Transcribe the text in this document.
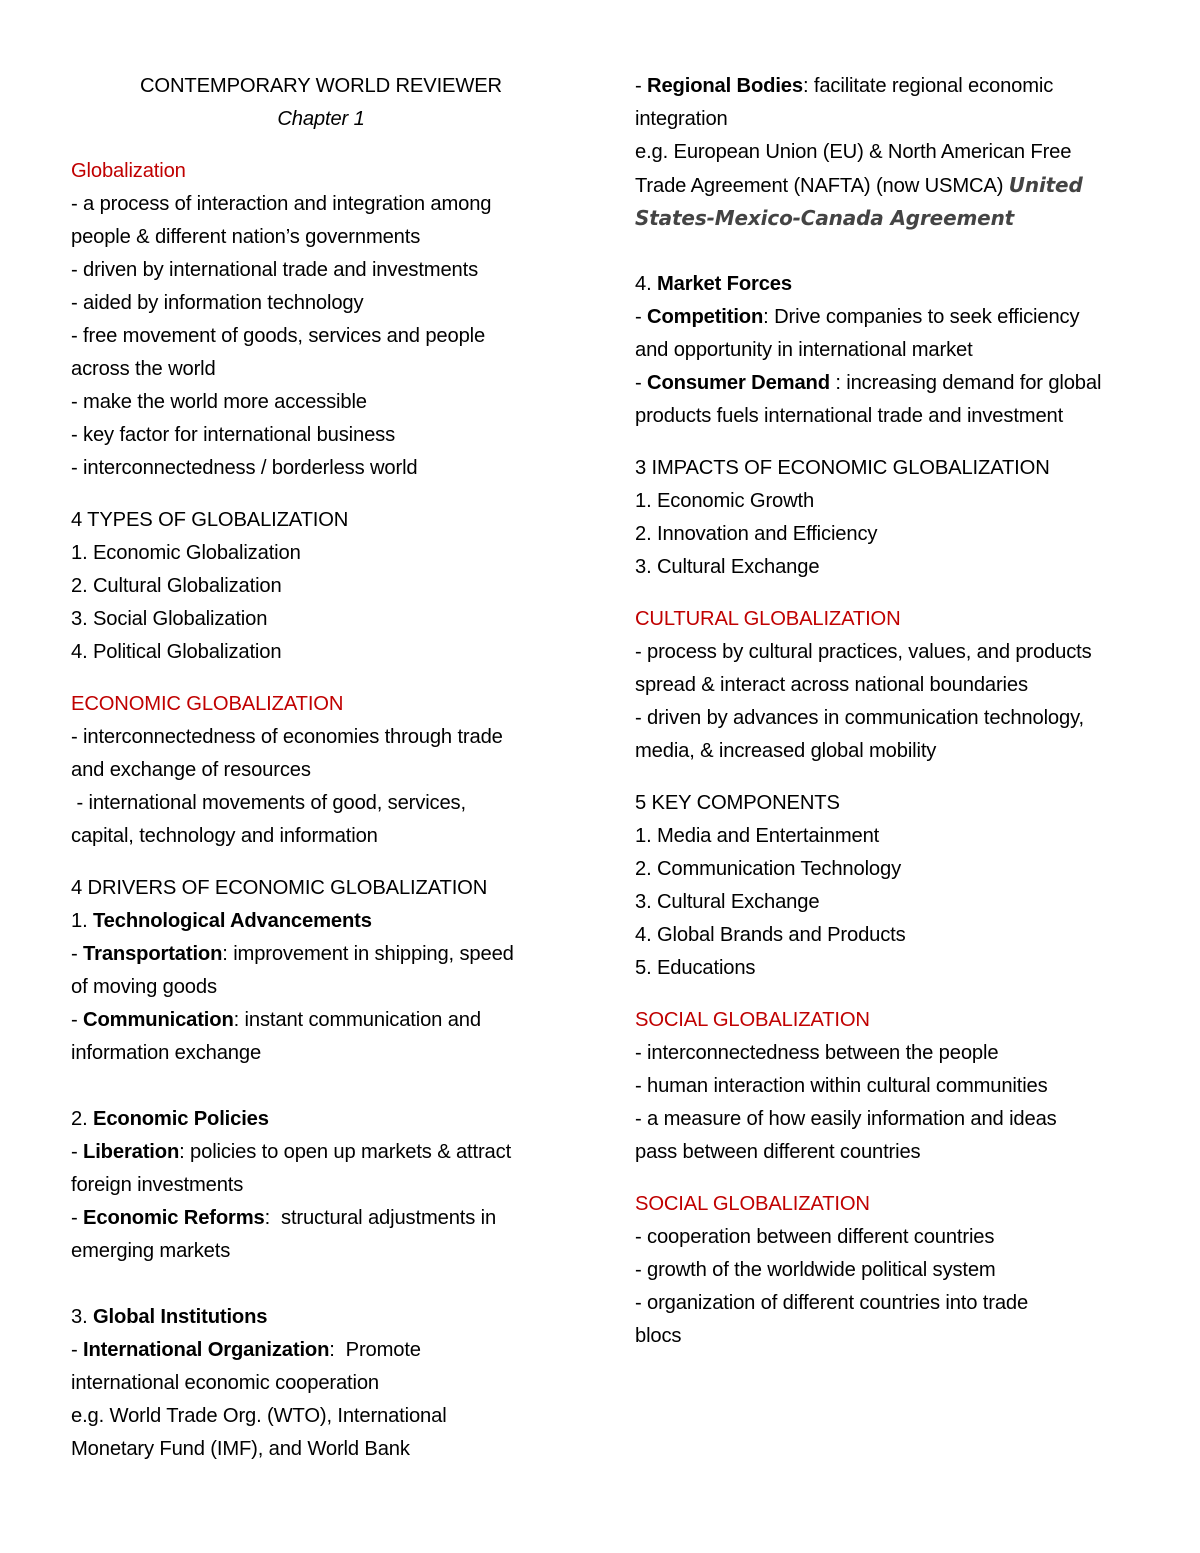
CONTEMPORARY WORLD REVIEWER
Chapter 1
Globalization
- a process of interaction and integration among
people & different nation’s governments
- driven by international trade and investments
- aided by information technology
- free movement of goods, services and people
across the world
- make the world more accessible
- key factor for international business
- interconnectedness / borderless world
4 TYPES OF GLOBALIZATION
1. Economic Globalization
2. Cultural Globalization
3. Social Globalization
4. Political Globalization
ECONOMIC GLOBALIZATION
- interconnectedness of economies through trade
and exchange of resources
- international movements of good, services,
capital, technology and information
4 DRIVERS OF ECONOMIC GLOBALIZATION
1. Technological Advancements
- Transportation: improvement in shipping, speed
of moving goods
- Communication: instant communication and
information exchange
2. Economic Policies
- Liberation: policies to open up markets & attract
foreign investments
- Economic Reforms:  structural adjustments in
emerging markets
3. Global Institutions
- International Organization:  Promote
international economic cooperation
e.g. World Trade Org. (WTO), International
Monetary Fund (IMF), and World Bank
- Regional Bodies: facilitate regional economic
integration
e.g. European Union (EU) & North American Free
Trade Agreement (NAFTA) (now USMCA) United
States-Mexico-Canada Agreement
4. Market Forces
- Competition: Drive companies to seek efficiency
and opportunity in international market
- Consumer Demand : increasing demand for global
products fuels international trade and investment
3 IMPACTS OF ECONOMIC GLOBALIZATION
1. Economic Growth
2. Innovation and Efficiency
3. Cultural Exchange
CULTURAL GLOBALIZATION
- process by cultural practices, values, and products
spread & interact across national boundaries
- driven by advances in communication technology,
media, & increased global mobility
5 KEY COMPONENTS
1. Media and Entertainment
2. Communication Technology
3. Cultural Exchange
4. Global Brands and Products
5. Educations
SOCIAL GLOBALIZATION
- interconnectedness between the people
- human interaction within cultural communities
- a measure of how easily information and ideas
pass between different countries
SOCIAL GLOBALIZATION
- cooperation between different countries
- growth of the worldwide political system
- organization of different countries into trade
blocs
